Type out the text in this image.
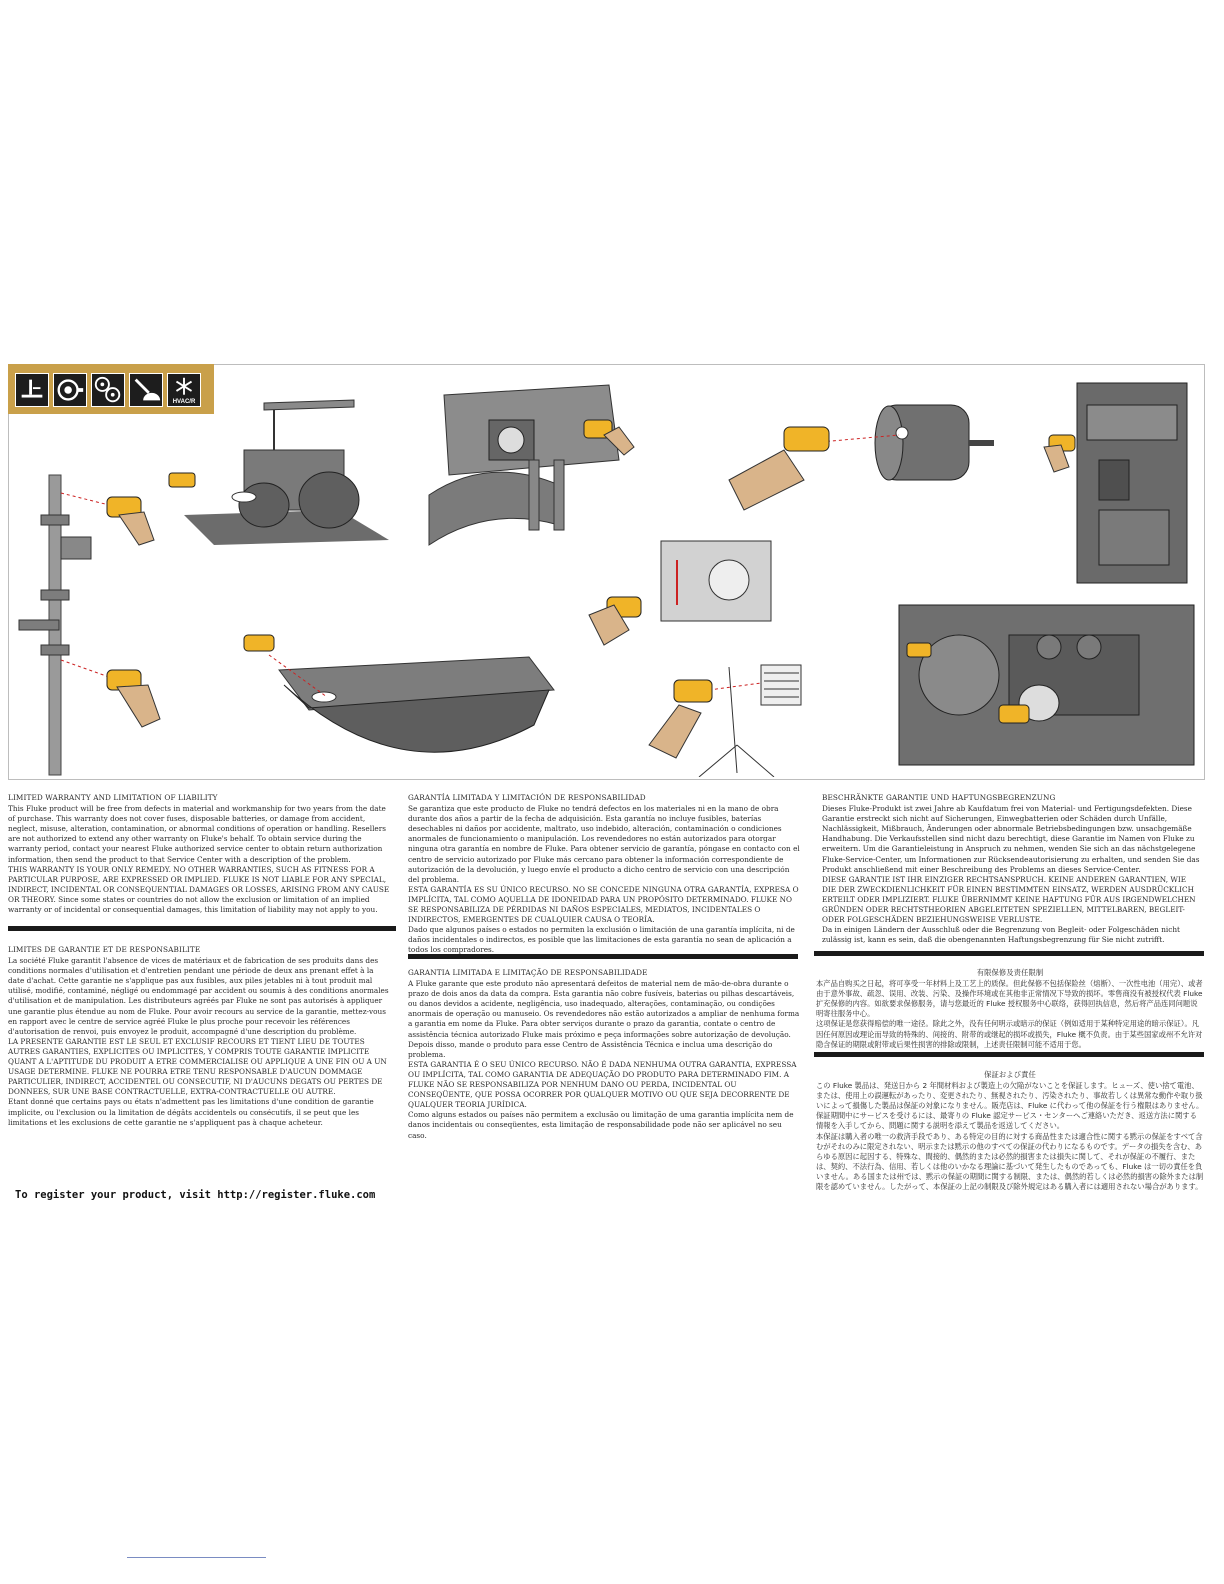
HVAC/R
LIMITED WARRANTY AND LIMITATION OF LIABILITY

This Fluke product will be free from defects in material and workmanship for two years from the date of purchase. This warranty does not cover fuses, disposable batteries, or damage from accident, neglect, misuse, alteration, contamination, or abnormal conditions of operation or handling. Resellers are not authorized to extend any other warranty on Fluke's behalf. To obtain service during the warranty period, contact your nearest Fluke authorized service center to obtain return authorization information, then send the product to that Service Center with a description of the problem.

THIS WARRANTY IS YOUR ONLY REMEDY. NO OTHER WARRANTIES, SUCH AS FITNESS FOR A PARTICULAR PURPOSE, ARE EXPRESSED OR IMPLIED. FLUKE IS NOT LIABLE FOR ANY SPECIAL, INDIRECT, INCIDENTAL OR CONSEQUENTIAL DAMAGES OR LOSSES, ARISING FROM ANY CAUSE OR THEORY. Since some states or countries do not allow the exclusion or limitation of an implied warranty or of incidental or consequential damages, this limitation of liability may not apply to you.

LIMITES DE GARANTIE ET DE RESPONSABILITE

La société Fluke garantit l'absence de vices de matériaux et de fabrication de ses produits dans des conditions normales d'utilisation et d'entretien pendant une période de deux ans prenant effet à la date d'achat. Cette garantie ne s'applique pas aux fusibles, aux piles jetables ni à tout produit mal utilisé, modifié, contaminé, négligé ou endommagé par accident ou soumis à des conditions anormales d'utilisation et de manipulation. Les distributeurs agréés par Fluke ne sont pas autorisés à appliquer une garantie plus étendue au nom de Fluke. Pour avoir recours au service de la garantie, mettez-vous en rapport avec le centre de service agréé Fluke le plus proche pour recevoir les références d'autorisation de renvoi, puis envoyez le produit, accompagné d'une description du problème.

LA PRESENTE GARANTIE EST LE SEUL ET EXCLUSIF RECOURS ET TIENT LIEU DE TOUTES AUTRES GARANTIES, EXPLICITES OU IMPLICITES, Y COMPRIS TOUTE GARANTIE IMPLICITE QUANT A L'APTITUDE DU PRODUIT A ETRE COMMERCIALISE OU APPLIQUE A UNE FIN OU A UN USAGE DETERMINE. FLUKE NE POURRA ETRE TENU RESPONSABLE D'AUCUN DOMMAGE PARTICULIER, INDIRECT, ACCIDENTEL OU CONSECUTIF, NI D'AUCUNS DEGATS OU PERTES DE DONNEES, SUR UNE BASE CONTRACTUELLE, EXTRA-CONTRACTUELLE OU AUTRE.

Etant donné que certains pays ou états n'admettent pas les limitations d'une condition de garantie implicite, ou l'exclusion ou la limitation de dégâts accidentels ou consécutifs, il se peut que les limitations et les exclusions de cette garantie ne s'appliquent pas à chaque acheteur.

GARANTÍA LIMITADA Y LIMITACIÓN DE RESPONSABILIDAD

Se garantiza que este producto de Fluke no tendrá defectos en los materiales ni en la mano de obra durante dos años a partir de la fecha de adquisición. Esta garantía no incluye fusibles, baterías desechables ni daños por accidente, maltrato, uso indebido, alteración, contaminación o condiciones anormales de funcionamiento o manipulación. Los revendedores no están autorizados para otorgar ninguna otra garantía en nombre de Fluke. Para obtener servicio de garantía, póngase en contacto con el centro de servicio autorizado por Fluke más cercano para obtener la información correspondiente de autorización de la devolución, y luego envíe el producto a dicho centro de servicio con una descripción del problema.

ESTA GARANTÍA ES SU ÚNICO RECURSO. NO SE CONCEDE NINGUNA OTRA GARANTÍA, EXPRESA O IMPLÍCITA, TAL COMO AQUELLA DE IDONEIDAD PARA UN PROPÓSITO DETERMINADO. FLUKE NO SE RESPONSABILIZA DE PÉRDIDAS NI DAÑOS ESPECIALES, MEDIATOS, INCIDENTALES O INDIRECTOS, EMERGENTES DE CUALQUIER CAUSA O TEORÍA.

Dado que algunos países o estados no permiten la exclusión o limitación de una garantía implícita, ni de daños incidentales o indirectos, es posible que las limitaciones de esta garantía no sean de aplicación a todos los compradores.

GARANTIA LIMITADA E LIMITAÇÃO DE RESPONSABILIDADE

A Fluke garante que este produto não apresentará defeitos de material nem de mão-de-obra durante o prazo de dois anos da data da compra. Esta garantia não cobre fusíveis, baterias ou pilhas descartáveis, ou danos devidos a acidente, negligência, uso inadequado, alterações, contaminação, ou condições anormais de operação ou manuseio. Os revendedores não estão autorizados a ampliar de nenhuma forma a garantia em nome da Fluke. Para obter serviços durante o prazo da garantia, contate o centro de assistência técnica autorizado Fluke mais próximo e peça informações sobre autorização de devolução. Depois disso, mande o produto para esse Centro de Assistência Técnica e inclua uma descrição do problema.

ESTA GARANTIA É O SEU ÚNICO RECURSO. NÃO É DADA NENHUMA OUTRA GARANTIA, EXPRESSA OU IMPLÍCITA, TAL COMO GARANTIA DE ADEQUAÇÃO DO PRODUTO PARA DETERMINADO FIM. A FLUKE NÃO SE RESPONSABILIZA POR NENHUM DANO OU PERDA, INCIDENTAL OU CONSEQÜENTE, QUE POSSA OCORRER POR QUALQUER MOTIVO OU QUE SEJA DECORRENTE DE QUALQUER TEORIA JURÍDICA.

Como alguns estados ou países não permitem a exclusão ou limitação de uma garantia implícita nem de danos incidentais ou conseqüentes, esta limitação de responsabilidade pode não ser aplicável no seu caso.

BESCHRÄNKTE GARANTIE UND HAFTUNGSBEGRENZUNG

Dieses Fluke-Produkt ist zwei Jahre ab Kaufdatum frei von Material- und Fertigungsdefekten. Diese Garantie erstreckt sich nicht auf Sicherungen, Einwegbatterien oder Schäden durch Unfälle, Nachlässigkeit, Mißbrauch, Änderungen oder abnormale Betriebsbedingungen bzw. unsachgemäße Handhabung. Die Verkaufsstellen sind nicht dazu berechtigt, diese Garantie im Namen von Fluke zu erweitern. Um die Garantieleistung in Anspruch zu nehmen, wenden Sie sich an das nächstgelegene Fluke-Service-Center, um Informationen zur Rücksendeautorisierung zu erhalten, und senden Sie das Produkt anschließend mit einer Beschreibung des Problems an dieses Service-Center.

DIESE GARANTIE IST IHR EINZIGER RECHTSANSPRUCH. KEINE ANDEREN GARANTIEN, WIE DIE DER ZWECKDIENLICHKEIT FÜR EINEN BESTIMMTEN EINSATZ, WERDEN AUSDRÜCKLICH ERTEILT ODER IMPLIZIERT. FLUKE ÜBERNIMMT KEINE HAFTUNG FÜR AUS IRGENDWELCHEN GRÜNDEN ODER RECHTSTHEORIEN ABGELEITETEN SPEZIELLEN, MITTELBAREN, BEGLEIT- ODER FOLGESCHÄDEN BEZIEHUNGSWEISE VERLUSTE.

Da in einigen Ländern der Ausschluß oder die Begrenzung von Begleit- oder Folgeschäden nicht zulässig ist, kann es sein, daß die obengenannten Haftungsbegrenzung für Sie nicht zutrifft.

有限保修及责任限制

本产品自购买之日起，将可享受一年材料上及工艺上的质保。但此保修不包括保险丝（熔断）、一次性电池（用完）、或者由于意外事故、疏忽、误用、改装、污染、及操作环境或在其他非正常情况下导致的损坏。零售商没有被授权代表 Fluke 扩充保修的内容。如欲要求保修服务，请与您最近的 Fluke 授权服务中心联络，获得回执信息，然后将产品连同问题说明寄往服务中心。

这项保证是您获得赔偿的唯一途径。除此之外，没有任何明示或暗示的保证（例如适用于某种特定用途的暗示保证）。凡因任何原因或理论而导致的特殊的、间接的、附带的或继起的损坏或损失，Fluke 概不负责。由于某些国家或州不允许对隐含保证的期限或附带或后果性损害的排除或限制，上述责任限制可能不适用于您。

保証および責任

この Fluke 製品は、発送日から 2 年間材料および製造上の欠陥がないことを保証します。ヒューズ、使い捨て電池、または、使用上の誤運転があったり、変更されたり、無視されたり、汚染されたり、事故若しくは異常な動作や取り扱いによって損傷した製品は保証の対象になりません。販売店は、Fluke に代わって他の保証を行う権限はありません。保証期間中にサービスを受けるには、最寄りの Fluke 認定サービス・センターへご連絡いただき、返送方法に関する情報を入手してから、問題に関する説明を添えて製品を返送してください。

本保証は購入者の唯一の救済手段であり、ある特定の目的に対する商品性または適合性に関する黙示の保証をすべて含むがそれのみに限定されない、明示または黙示の他のすべての保証の代わりになるものです。データの損失を含む、あらゆる原因に起因する、特殊な、間接的、偶然的または必然的損害または損失に関して、それが保証の不履行、または、契約、不法行為、信用、若しくは他のいかなる理論に基づいて発生したものであっても、Fluke は一切の責任を負いません。ある国または州では、黙示の保証の期間に関する制限、または、偶然的若しくは必然的損害の除外または制限を認めていません。したがって、本保証の上記の制限及び除外規定はある購入者には適用されない場合があります。

To register your product, visit http://register.fluke.com
